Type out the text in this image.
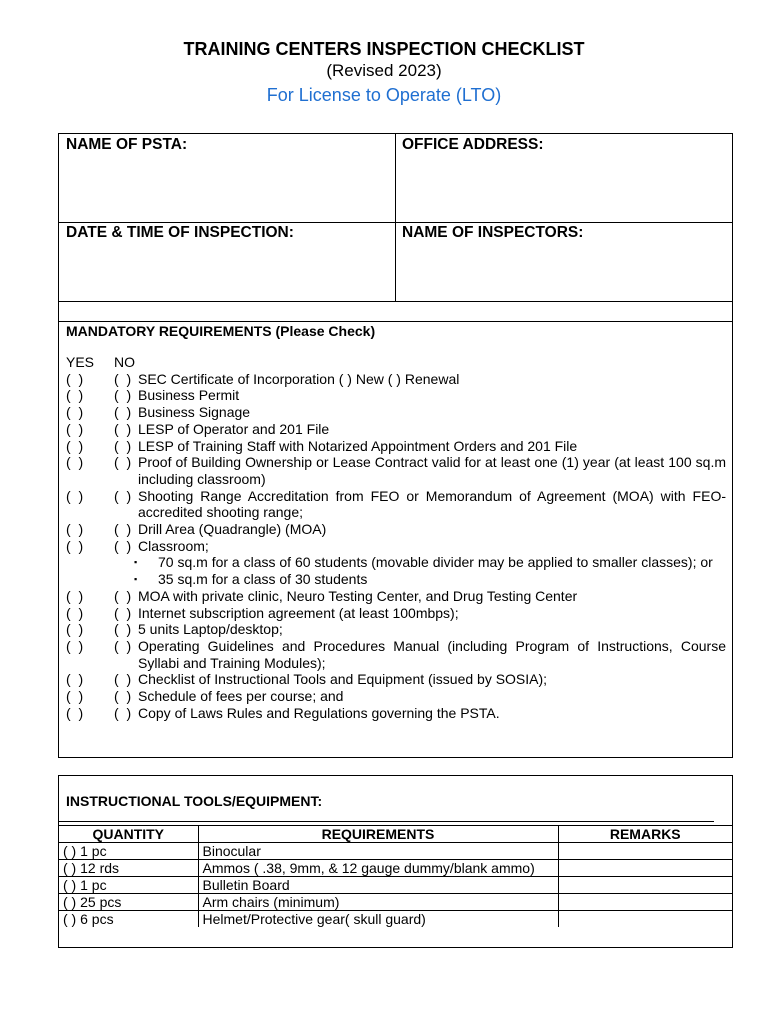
TRAINING CENTERS INSPECTION CHECKLIST
(Revised 2023)
For License to Operate (LTO)
NAME OF PSTA:	OFFICE ADDRESS:
DATE & TIME OF INSPECTION:	NAME OF INSPECTORS:
MANDATORY REQUIREMENTS (Please Check)
YES	NO
(  )	(  ) SEC Certificate of Incorporation ( ) New ( ) Renewal
(  )	(  ) Business Permit
(  )	(  ) Business Signage
(  )	(  ) LESP of Operator and 201 File
(  )	(  ) LESP of Training Staff with Notarized Appointment Orders and 201 File
(  )	(  ) Proof of Building Ownership or Lease Contract valid for at least one (1) year (at least 100 sq.m including classroom)
(  )	(  ) Shooting Range Accreditation from FEO or Memorandum of Agreement (MOA) with FEO-accredited shooting range;
(  )	(  ) Drill Area (Quadrangle) (MOA)
(  )	(  ) Classroom;
▪	70 sq.m for a class of 60 students (movable divider may be applied to smaller classes); or
▪	35 sq.m for a class of 30 students
(  )	(  ) MOA with private clinic, Neuro Testing Center, and Drug Testing Center
(  )	(  ) Internet subscription agreement (at least 100mbps);
(  )	(  ) 5 units Laptop/desktop;
(  )	(  ) Operating Guidelines and Procedures Manual (including Program of Instructions, Course Syllabi and Training Modules);
(  )	(  ) Checklist of Instructional Tools and Equipment (issued by SOSIA);
(  )	(  ) Schedule of fees per course; and
(  )	(  ) Copy of Laws Rules and Regulations governing the PSTA.
INSTRUCTIONAL TOOLS/EQUIPMENT:
QUANTITY	REQUIREMENTS	REMARKS
( ) 1 pc	Binocular	
( ) 12 rds	Ammos ( .38, 9mm, & 12 gauge dummy/blank ammo)	
( ) 1 pc	Bulletin Board	
( ) 25 pcs	Arm chairs (minimum)	
( ) 6 pcs	Helmet/Protective gear( skull guard)	
